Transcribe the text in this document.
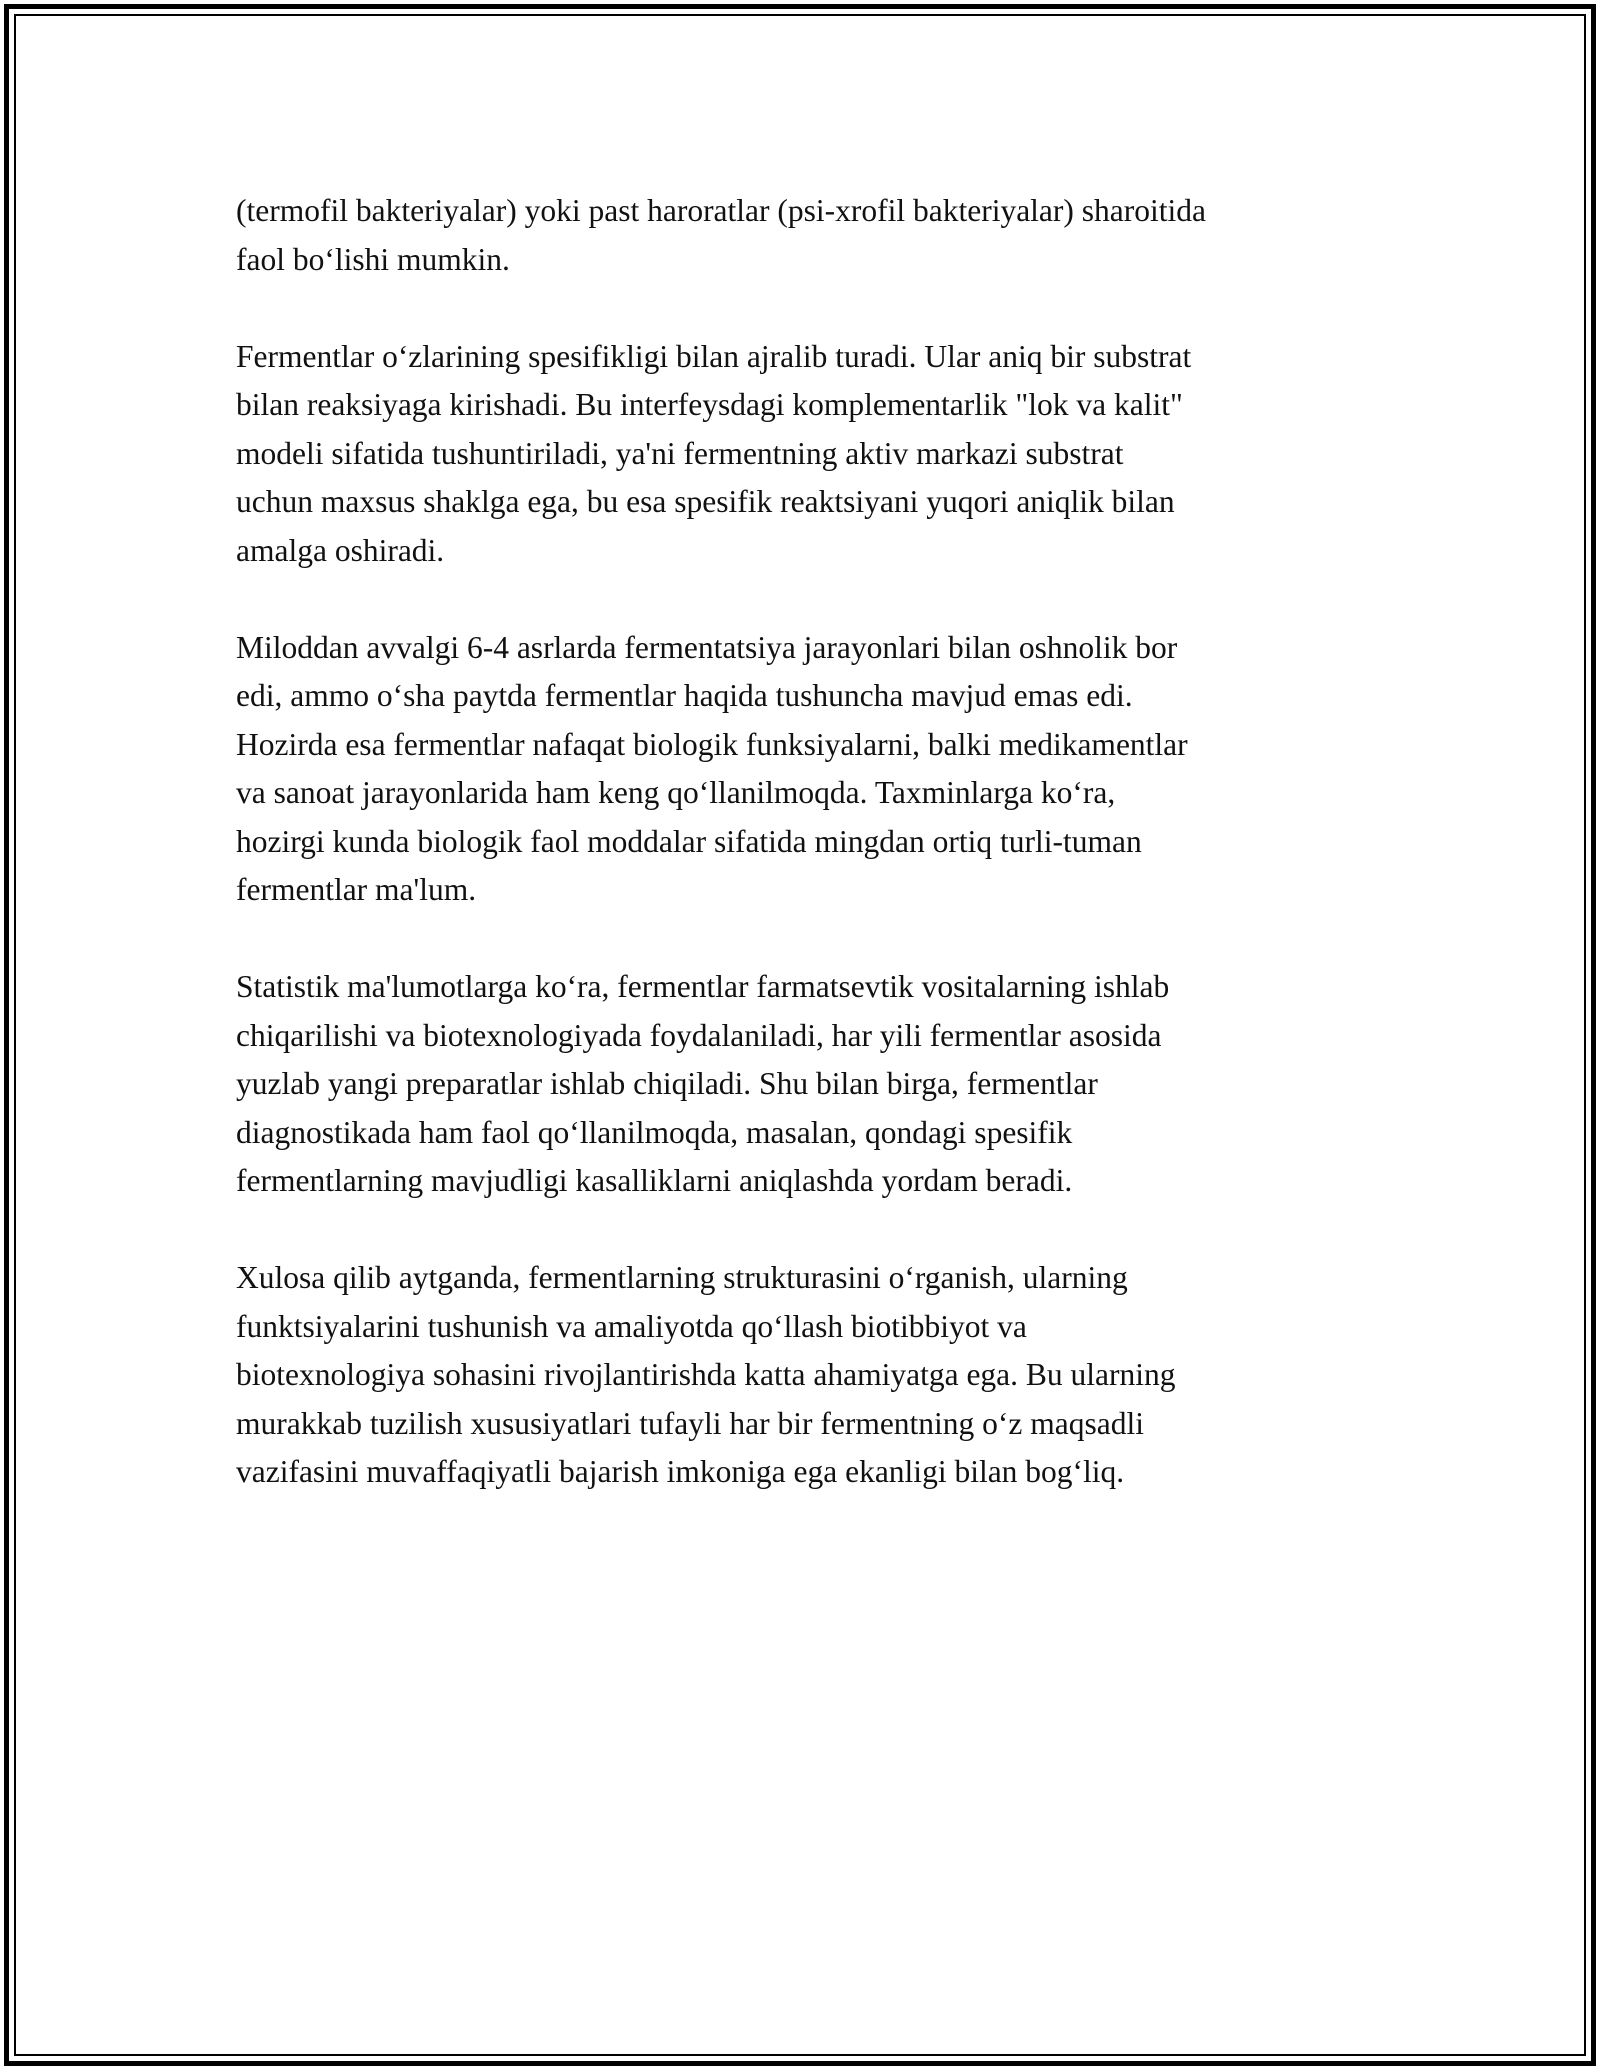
(termofil bakteriyalar) yoki past haroratlar (psi-xrofil bakteriyalar) sharoitida
faol bo‘lishi mumkin.

Fermentlar o‘zlarining spesifikligi bilan ajralib turadi. Ular aniq bir substrat
bilan reaksiyaga kirishadi. Bu interfeysdagi komplementarlik "lok va kalit"
modeli sifatida tushuntiriladi, ya'ni fermentning aktiv markazi substrat
uchun maxsus shaklga ega, bu esa spesifik reaktsiyani yuqori aniqlik bilan
amalga oshiradi.

Miloddan avvalgi 6-4 asrlarda fermentatsiya jarayonlari bilan oshnolik bor
edi, ammo o‘sha paytda fermentlar haqida tushuncha mavjud emas edi.
Hozirda esa fermentlar nafaqat biologik funksiyalarni, balki medikamentlar
va sanoat jarayonlarida ham keng qo‘llanilmoqda. Taxminlarga ko‘ra,
hozirgi kunda biologik faol moddalar sifatida mingdan ortiq turli-tuman
fermentlar ma'lum.

Statistik ma'lumotlarga ko‘ra, fermentlar farmatsevtik vositalarning ishlab
chiqarilishi va biotexnologiyada foydalaniladi, har yili fermentlar asosida
yuzlab yangi preparatlar ishlab chiqiladi. Shu bilan birga, fermentlar
diagnostikada ham faol qo‘llanilmoqda, masalan, qondagi spesifik
fermentlarning mavjudligi kasalliklarni aniqlashda yordam beradi.

Xulosa qilib aytganda, fermentlarning strukturasini o‘rganish, ularning
funktsiyalarini tushunish va amaliyotda qo‘llash biotibbiyot va
biotexnologiya sohasini rivojlantirishda katta ahamiyatga ega. Bu ularning
murakkab tuzilish xususiyatlari tufayli har bir fermentning o‘z maqsadli
vazifasini muvaffaqiyatli bajarish imkoniga ega ekanligi bilan bog‘liq.
